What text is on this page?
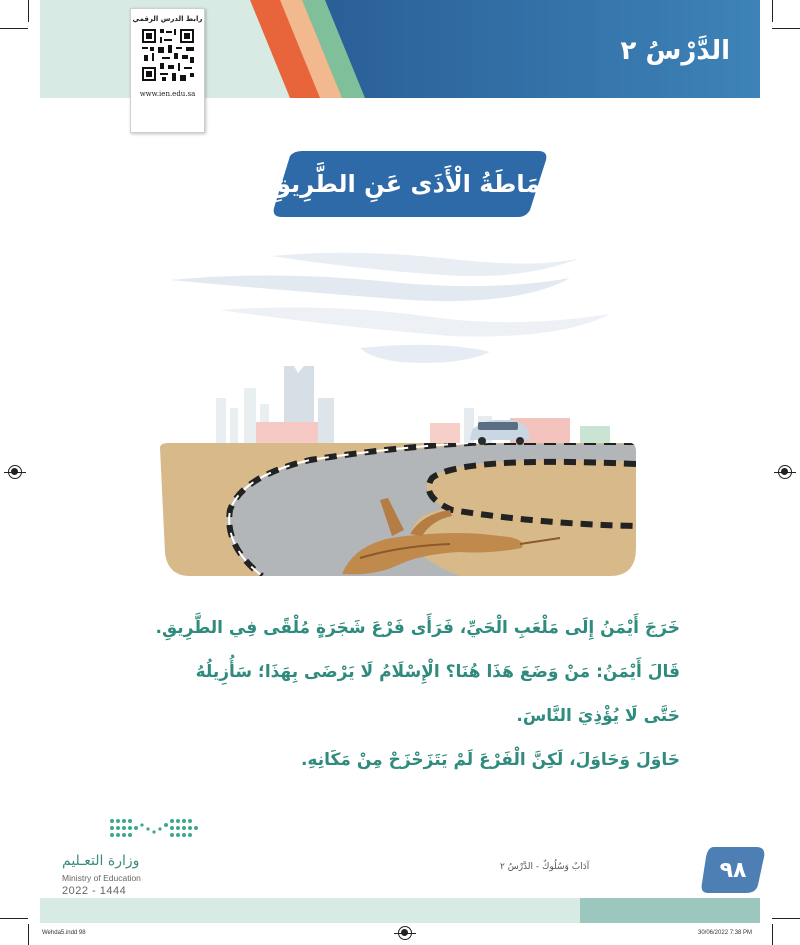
الدَّرْسُ ٢
رابط الدرس الرقمي
www.ien.edu.sa
إِمَاطَةُ الْأَذَى عَنِ الطَّرِيقِ
خَرَجَ أَيْمَنُ إِلَى مَلْعَبِ الْحَيِّ، فَرَأَى فَرْعَ شَجَرَةٍ مُلْقًى فِي الطَّرِيقِ.
قَالَ أَيْمَنُ: مَنْ وَضَعَ هَذَا هُنَا؟ الْإِسْلَامُ لَا يَرْضَى بِهَذَا؛ سَأُزِيلُهُ
حَتَّى لَا يُؤْذِيَ النَّاسَ.
حَاوَلَ وَحَاوَلَ، لَكِنَّ الْفَرْعَ لَمْ يَتَزَحْزَحْ مِنْ مَكَانِهِ.
وزارة التعـليم
Ministry of Education
2022 - 1444
آدَابٌ وَسُلُوكٌ - الدَّرْسُ ٢	٩٨
Wehda5.indd 98	30/06/2022 7:38 PM
